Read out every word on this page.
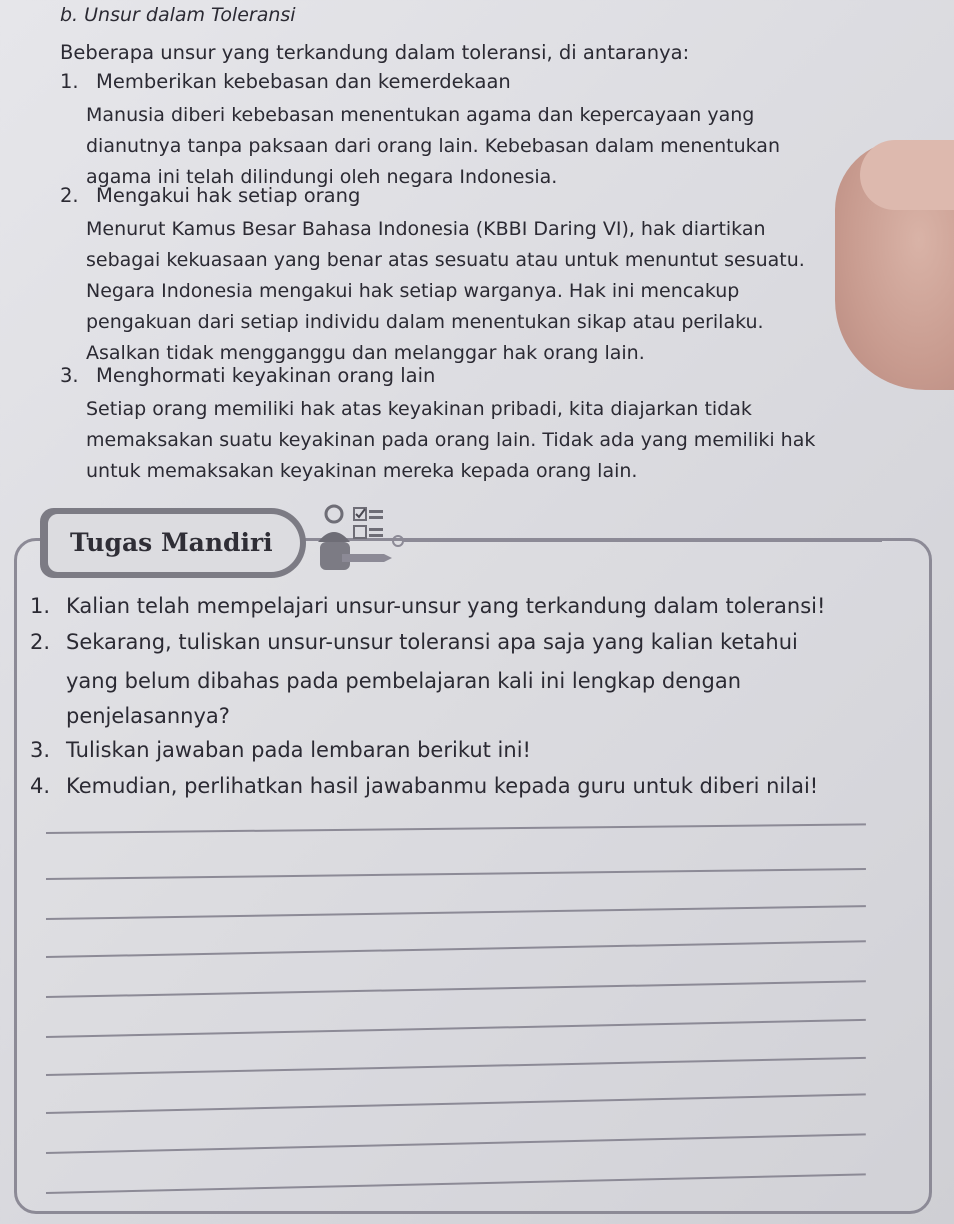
b. Unsur dalam Toleransi
Beberapa unsur yang terkandung dalam toleransi, di antaranya:
1. Memberikan kebebasan dan kemerdekaan
Manusia diberi kebebasan menentukan agama dan kepercayaan yang
dianutnya tanpa paksaan dari orang lain. Kebebasan dalam menentukan
agama ini telah dilindungi oleh negara Indonesia.
2. Mengakui hak setiap orang
Menurut Kamus Besar Bahasa Indonesia (KBBI Daring VI), hak diartikan
sebagai kekuasaan yang benar atas sesuatu atau untuk menuntut sesuatu.
Negara Indonesia mengakui hak setiap warganya. Hak ini mencakup
pengakuan dari setiap individu dalam menentukan sikap atau perilaku.
Asalkan tidak mengganggu dan melanggar hak orang lain.
3. Menghormati keyakinan orang lain
Setiap orang memiliki hak atas keyakinan pribadi, kita diajarkan tidak
memaksakan suatu keyakinan pada orang lain. Tidak ada yang memiliki hak
untuk memaksakan keyakinan mereka kepada orang lain.
Tugas Mandiri
1. Kalian telah mempelajari unsur-unsur yang terkandung dalam toleransi!
2. Sekarang, tuliskan unsur-unsur toleransi apa saja yang kalian ketahui
yang belum dibahas pada pembelajaran kali ini lengkap dengan
penjelasannya?
3. Tuliskan jawaban pada lembaran berikut ini!
4. Kemudian, perlihatkan hasil jawabanmu kepada guru untuk diberi nilai!
